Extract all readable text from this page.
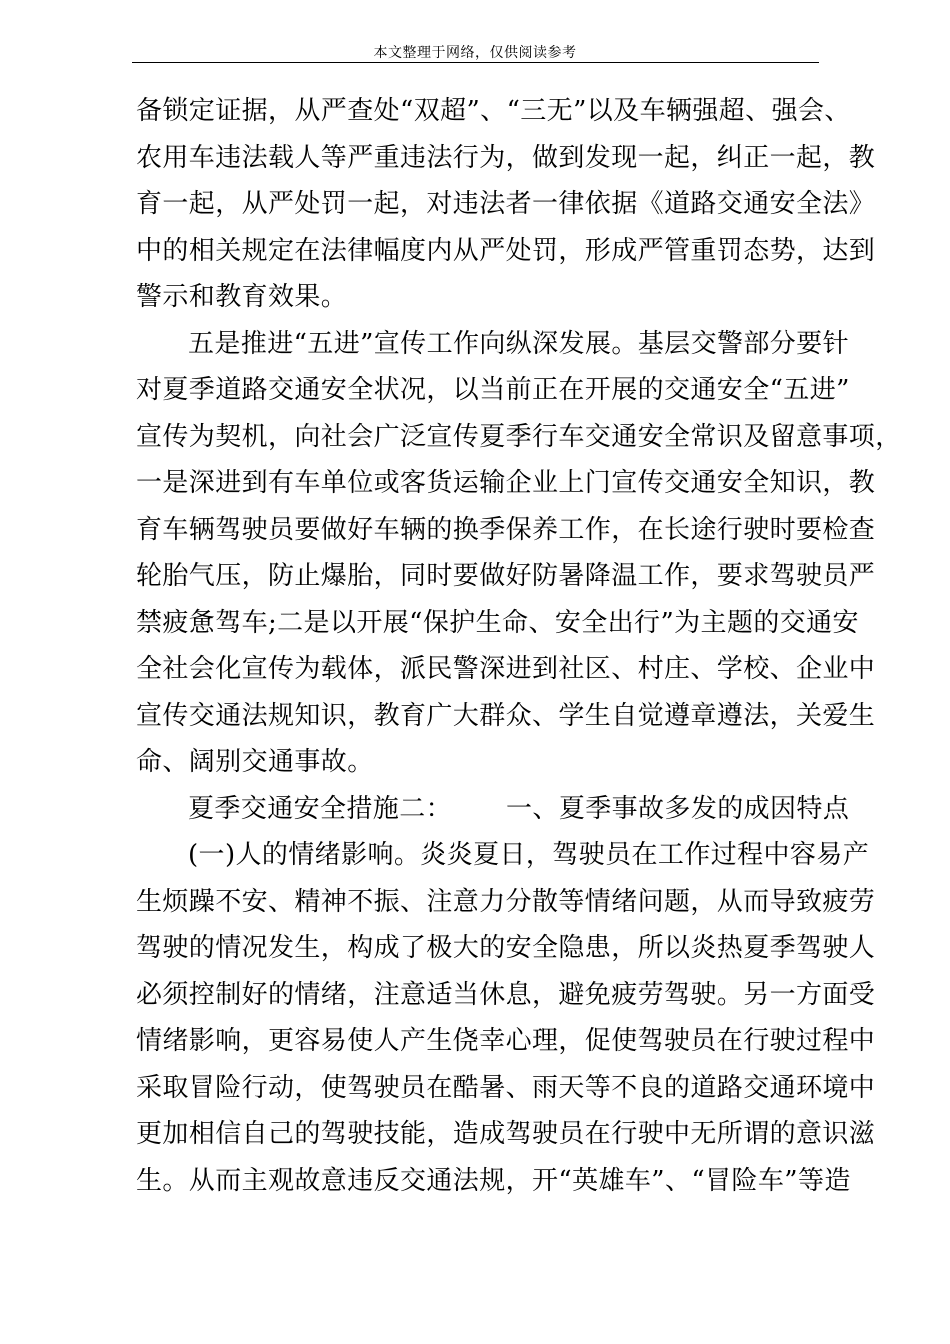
本文整理于网络，仅供阅读参考
备锁定证据，从严查处“双超”、“三无”以及车辆强超、强会、
农用车违法载人等严重违法行为，做到发现一起，纠正一起，教
育一起，从严处罚一起，对违法者一律依据《道路交通安全法》
中的相关规定在法律幅度内从严处罚，形成严管重罚态势，达到
警示和教育效果。
五是推进“五进”宣传工作向纵深发展。基层交警部分要针
对夏季道路交通安全状况，以当前正在开展的交通安全“五进”
宣传为契机，向社会广泛宣传夏季行车交通安全常识及留意事项，
一是深进到有车单位或客货运输企业上门宣传交通安全知识，教
育车辆驾驶员要做好车辆的换季保养工作，在长途行驶时要检查
轮胎气压，防止爆胎，同时要做好防暑降温工作，要求驾驶员严
禁疲惫驾车;二是以开展“保护生命、安全出行”为主题的交通安
全社会化宣传为载体，派民警深进到社区、村庄、学校、企业中
宣传交通法规知识，教育广大群众、学生自觉遵章遵法，关爱生
命、阔别交通事故。
夏季交通安全措施二： 一、夏季事故多发的成因特点
(一)人的情绪影响。炎炎夏日，驾驶员在工作过程中容易产
生烦躁不安、精神不振、注意力分散等情绪问题，从而导致疲劳
驾驶的情况发生，构成了极大的安全隐患，所以炎热夏季驾驶人
必须控制好的情绪，注意适当休息，避免疲劳驾驶。另一方面受
情绪影响，更容易使人产生侥幸心理，促使驾驶员在行驶过程中
采取冒险行动，使驾驶员在酷暑、雨天等不良的道路交通环境中
更加相信自己的驾驶技能，造成驾驶员在行驶中无所谓的意识滋
生。从而主观故意违反交通法规，开“英雄车”、“冒险车”等造
